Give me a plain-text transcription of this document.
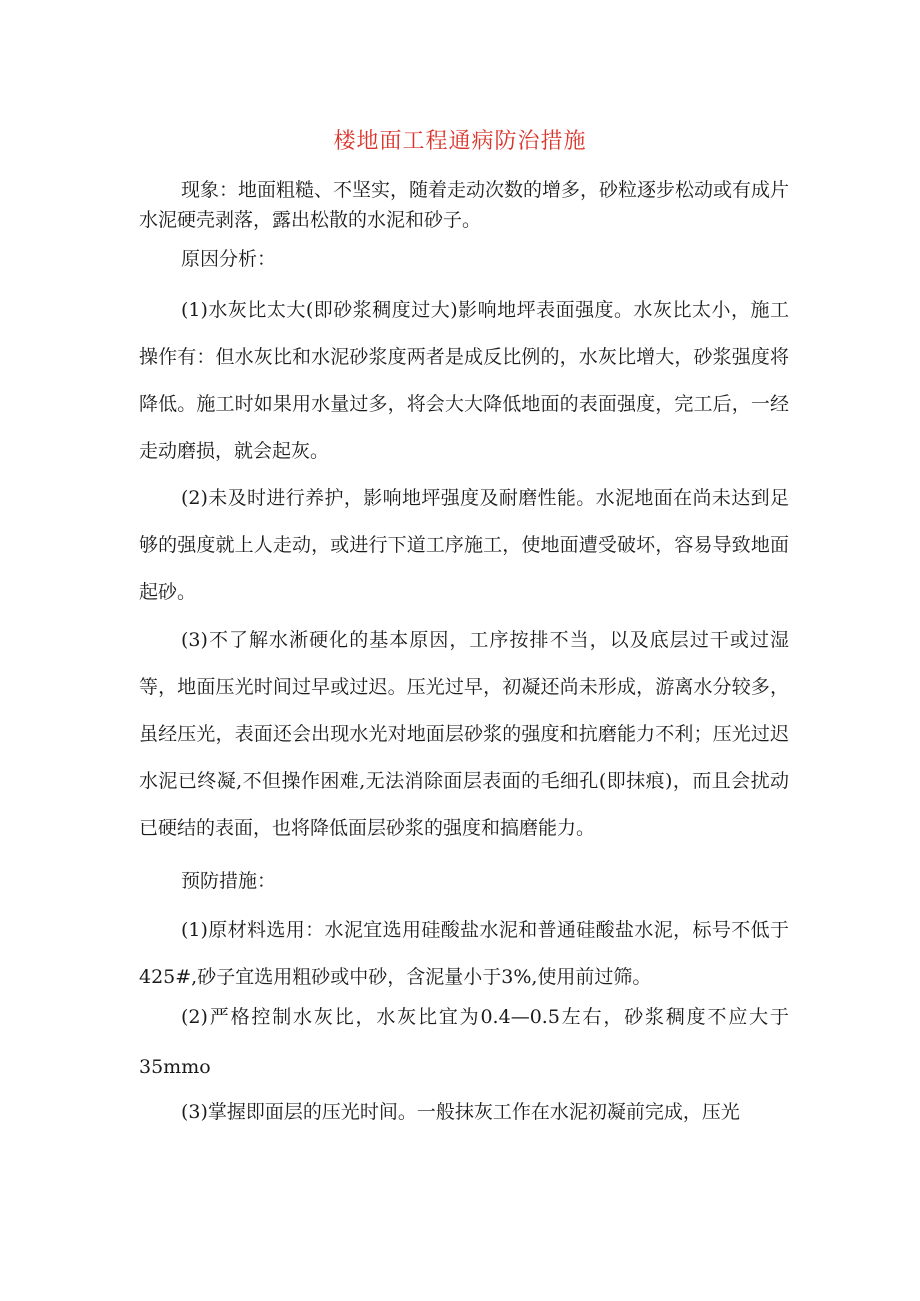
楼地面工程通病防治措施

现象：地面粗糙、不坚实，随着走动次数的增多，砂粒逐步松动或有成片水泥硬壳剥落，露出松散的水泥和砂子。

原因分析：

(1)水灰比太大(即砂浆稠度过大)影响地坪表面强度。水灰比太小，施工操作有：但水灰比和水泥砂浆度两者是成反比例的，水灰比增大，砂浆强度将降低。施工时如果用水量过多，将会大大降低地面的表面强度，完工后，一经走动磨损，就会起灰。

(2)未及时进行养护，影响地坪强度及耐磨性能。水泥地面在尚未达到足够的强度就上人走动，或进行下道工序施工，使地面遭受破坏，容易导致地面起砂。

(3)不了解水淅硬化的基本原因，工序按排不当，以及底层过干或过湿等，地面压光时间过早或过迟。压光过早，初凝还尚未形成，游离水分较多，虽经压光，表面还会出现水光对地面层砂浆的强度和抗磨能力不利；压光过迟水泥已终凝,不但操作困难,无法消除面层表面的毛细孔(即抹痕)，而且会扰动已硬结的表面，也将降低面层砂浆的强度和搞磨能力。

预防措施：

(1)原材料选用：水泥宜选用硅酸盐水泥和普通硅酸盐水泥，标号不低于425#,砂子宜选用粗砂或中砂，含泥量小于3%,使用前过筛。

(2)严格控制水灰比，水灰比宜为0.4—0.5左右，砂浆稠度不应大于35mmo

(3)掌握即面层的压光时间。一般抹灰工作在水泥初凝前完成，压光
